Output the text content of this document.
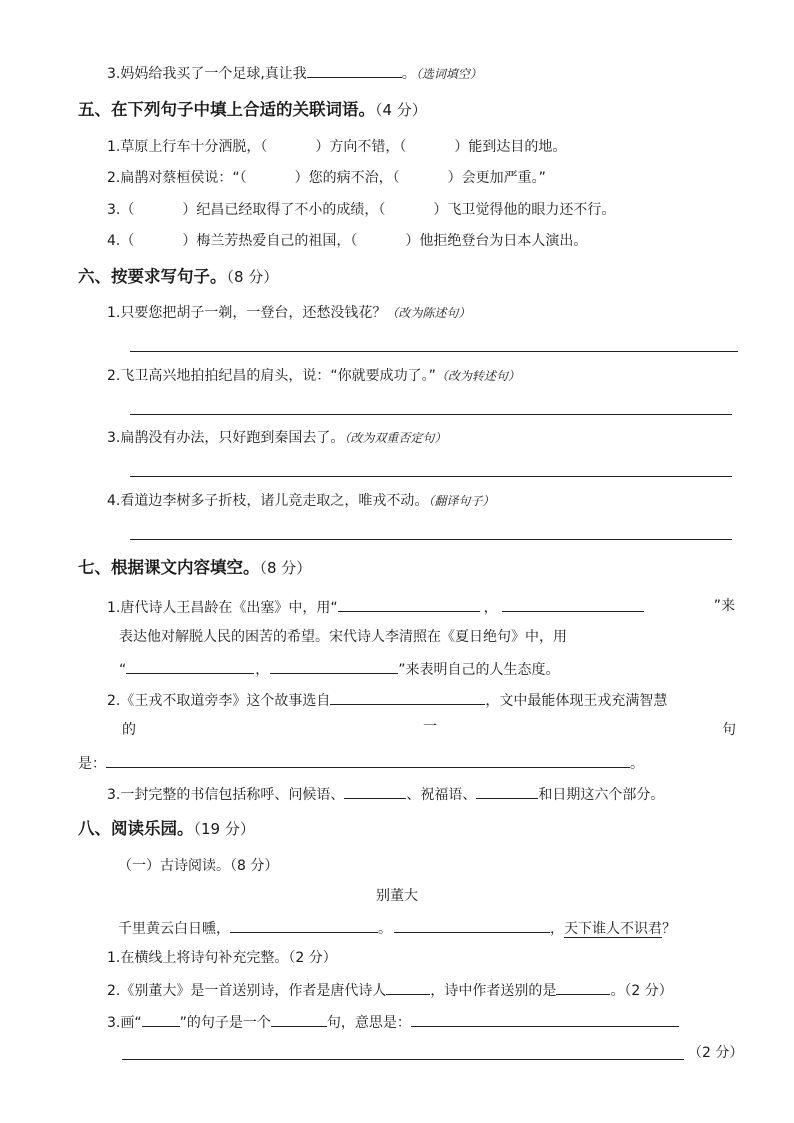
3.妈妈给我买了一个足球,真让我	。（选词填空）
五、在下列句子中填上合适的关联词语。（4 分）
1.草原上行车十分洒脱，（	）方向不错，（	）能到达目的地。
2.扁鹊对蔡桓侯说：“（	）您的病不治，（	）会更加严重。”
3.（	）纪昌已经取得了不小的成绩，（	）飞卫觉得他的眼力还不行。
4.（	）梅兰芳热爱自己的祖国，（	）他拒绝登台为日本人演出。
六、按要求写句子。（8 分）
1.只要您把胡子一剃，一登台，还愁没钱花？（改为陈述句）
2.飞卫高兴地拍拍纪昌的肩头，说：“你就要成功了。”（改为转述句）
3.扁鹊没有办法，只好跑到秦国去了。（改为双重否定句）
4.看道边李树多子折枝，诸儿竞走取之，唯戎不动。（翻译句子）
七、根据课文内容填空。（8 分）
1.唐代诗人王昌龄在《出塞》中，用“	，	”来
表达他对解脱人民的困苦的希望。宋代诗人李清照在《夏日绝句》中，用
“	，	”来表明自己的人生态度。
2.《王戎不取道旁李》这个故事选自	，文中最能体现王戎充满智慧
的	一	句
是：	。
3.一封完整的书信包括称呼、问候语、	、祝福语、	和日期这六个部分。
八、阅读乐园。（19 分）
（一）古诗阅读。（8 分）
别董大
千里黄云白日曛，	。	，天下谁人不识君？
1.在横线上将诗句补充完整。（2 分）
2.《别董大》是一首送别诗，作者是唐代诗人	，诗中作者送别的是	。（2 分）
3.画“	”的句子是一个	句，意思是：
（2 分）
